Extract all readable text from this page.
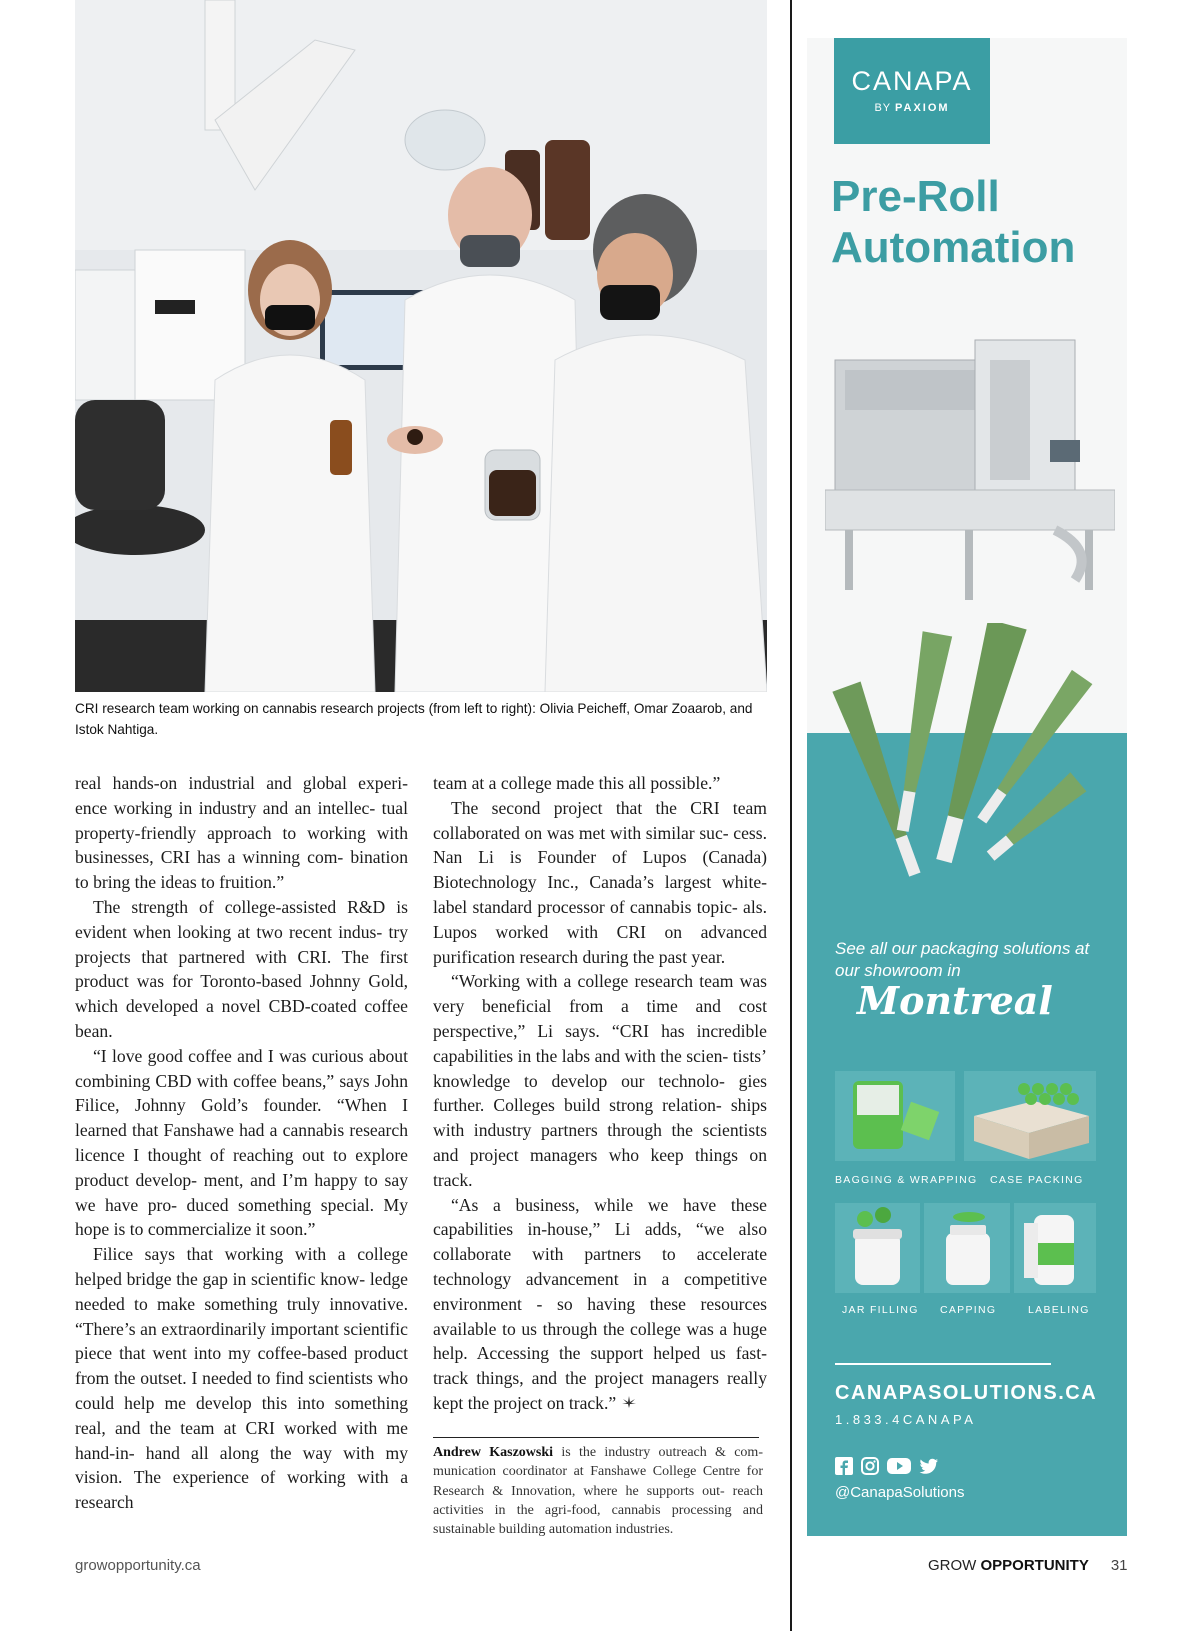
CRI research team working on cannabis research projects (from left to right): Olivia Peicheff, Omar Zoaarob, and Istok Nahtiga.

real hands-on industrial and global experi- ence working in industry and an intellec- tual property-friendly approach to working with businesses, CRI has a winning com- bination to bring the ideas to fruition.”

The strength of college-assisted R&D is evident when looking at two recent indus- try projects that partnered with CRI. The first product was for Toronto-based Johnny Gold, which developed a novel CBD-coated coffee bean.

“I love good coffee and I was curious about combining CBD with coffee beans,” says John Filice, Johnny Gold’s founder. “When I learned that Fanshawe had a cannabis research licence I thought of reaching out to explore product develop- ment, and I’m happy to say we have pro- duced something special. My hope is to commercialize it soon.”

Filice says that working with a college helped bridge the gap in scientific know- ledge needed to make something truly innovative. “There’s an extraordinarily important scientific piece that went into my coffee-based product from the outset. I needed to find scientists who could help me develop this into something real, and the team at CRI worked with me hand-in- hand all along the way with my vision. The experience of working with a research

team at a college made this all possible.”

The second project that the CRI team collaborated on was met with similar suc- cess. Nan Li is Founder of Lupos (Canada) Biotechnology Inc., Canada’s largest white- label standard processor of cannabis topic- als. Lupos worked with CRI on advanced purification research during the past year.

“Working with a college research team was very beneficial from a time and cost perspective,” Li says. “CRI has incredible capabilities in the labs and with the scien- tists’ knowledge to develop our technolo- gies further. Colleges build strong relation- ships with industry partners through the scientists and project managers who keep things on track.

“As a business, while we have these capabilities in-house,” Li adds, “we also collaborate with partners to accelerate technology advancement in a competitive environment - so having these resources available to us through the college was a huge help. Accessing the support helped us fast-track things, and the project managers really kept the project on track.”

Andrew Kaszowski is the industry outreach & com- munication coordinator at Fanshawe College Centre for Research & Innovation, where he supports out- reach activities in the agri-food, cannabis processing and sustainable building automation industries.
growopportunity.ca	GROW OPPORTUNITY 31
CANAPA
BY PAXIOM
Pre-Roll
Automation
See all our packaging solutions at our showroom in
Montreal
BAGGING & WRAPPING CASE PACKING
JAR FILLING CAPPING	LABELING
CANAPASOLUTIONS.CA
1.833.4CANAPA

@CanapaSolutions
